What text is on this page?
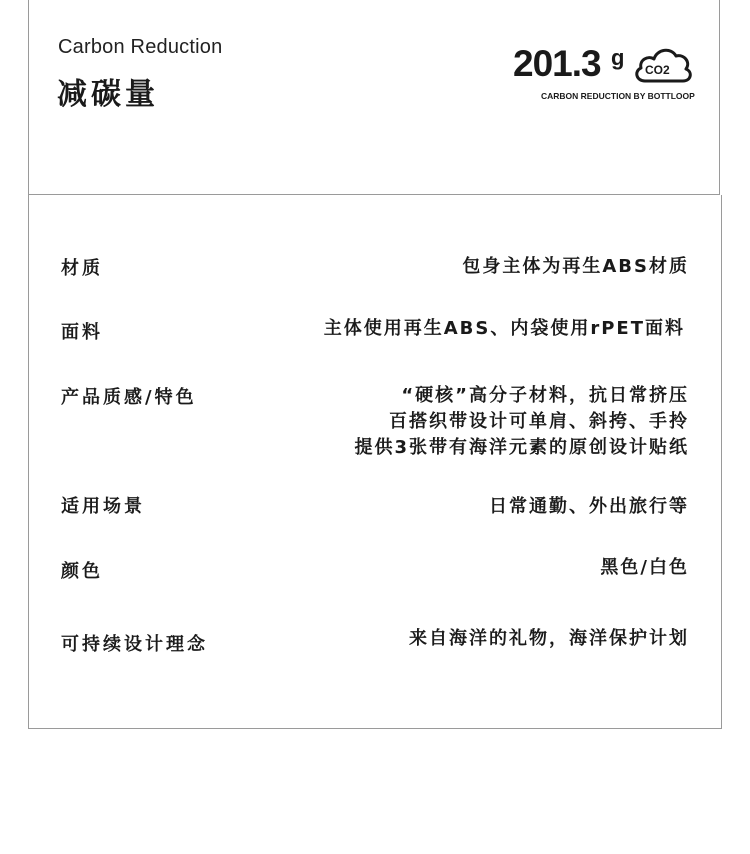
Carbon Reduction
减碳量
201.3 g CO2
CARBON REDUCTION BY BOTTLOOP
材质	包身主体为再生ABS材质
面料	主体使用再生ABS、内袋使用rPET面料
产品质感/特色	“硬核”高分子材料，抗日常挤压
百搭织带设计可单肩、斜挎、手拎
提供3张带有海洋元素的原创设计贴纸
适用场景	日常通勤、外出旅行等
颜色	黑色/白色
可持续设计理念	来自海洋的礼物，海洋保护计划
